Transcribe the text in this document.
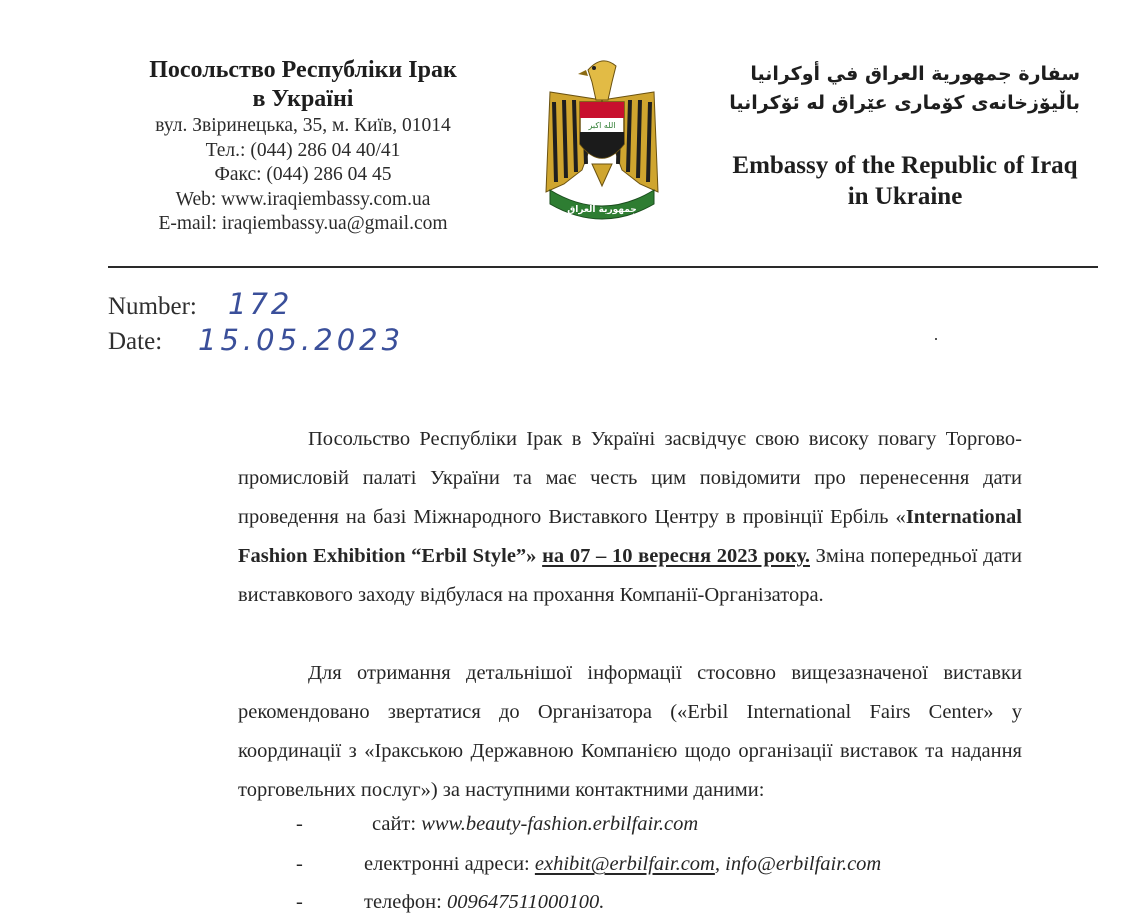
Посольство Республіки Ірак
в Україні
вул. Звіринецька, 35, м. Київ, 01014
Тел.: (044) 286 04 40/41
Факс: (044) 286 04 45
Web: www.iraqiembassy.com.ua
E-mail: iraqiembassy.ua@gmail.com
الله اكبر
جمهورية العراق
سفارة جمهورية العراق في أوكرانيا
باڵیۆزخانەی کۆماری عێراق لە ئۆکرانیا
Embassy of the Republic of Iraq
in Ukraine
Number: 172
Date: 15.05.2023
Посольство Республіки Ірак в Україні засвідчує свою високу повагу Торгово-промисловій палаті України та має честь цим повідомити про перенесення дати проведення на базі Міжнародного Виставкого Центру в провінції Ербіль «International Fashion Exhibition “Erbil Style”» на 07 – 10 вересня 2023 року. Зміна попередньої дати виставкового заходу відбулася на прохання Компанії-Організатора.
Для отримання детальнішої інформації стосовно вищезазначеної виставки рекомендовано звертатися до Організатора («Erbil International Fairs Center» у координації з «Іракською Державною Компанією щодо організації виставок та надання торговельних послуг») за наступними контактними даними:
-	сайт: www.beauty-fashion.erbilfair.com
-	електронні адреси: exhibit@erbilfair.com, info@erbilfair.com
-	телефон: 009647511000100.
